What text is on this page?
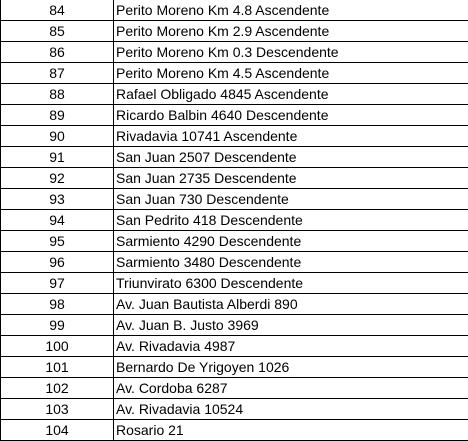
84	Perito Moreno Km 4.8 Ascendente
85	Perito Moreno Km 2.9 Ascendente
86	Perito Moreno Km 0.3 Descendente
87	Perito Moreno Km 4.5 Ascendente
88	Rafael Obligado 4845 Ascendente
89	Ricardo Balbin 4640 Descendente
90	Rivadavia 10741 Ascendente
91	San Juan 2507 Descendente
92	San Juan 2735 Descendente
93	San Juan 730 Descendente
94	San Pedrito 418 Descendente
95	Sarmiento 4290 Descendente
96	Sarmiento 3480 Descendente
97	Triunvirato 6300 Descendente
98	Av. Juan Bautista Alberdi 890
99	Av. Juan B. Justo 3969
100	Av. Rivadavia 4987
101	Bernardo De Yrigoyen 1026
102	Av. Cordoba 6287
103	Av. Rivadavia 10524
104	Rosario 21
